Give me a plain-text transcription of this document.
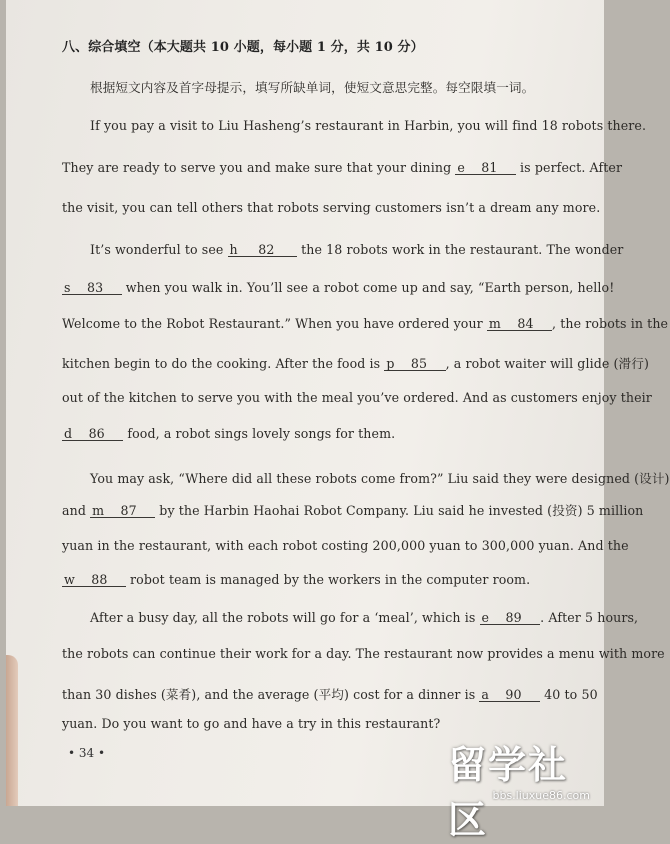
八、综合填空（本大题共 10 小题，每小题 1 分，共 10 分）
根据短文内容及首字母提示，填写所缺单词，使短文意思完整。每空限填一词。
If you pay a visit to Liu Hasheng’s restaurant in Harbin, you will find 18 robots there.
They are ready to serve you and make sure that your dining e    81     is perfect. After
the visit, you can tell others that robots serving customers isn’t a dream any more.
It’s wonderful to see h     82      the 18 robots work in the restaurant. The wonder
s    83     when you walk in. You’ll see a robot come up and say, “Earth person, hello!
Welcome to the Robot Restaurant.” When you have ordered your m    84    , the robots in the
kitchen begin to do the cooking. After the food is p    85    , a robot waiter will glide (滑行)
out of the kitchen to serve you with the meal you’ve ordered. And as customers enjoy their
d    86     food, a robot sings lovely songs for them.
You may ask, “Where did all these robots come from?” Liu said they were designed (设计)
and m    87     by the Harbin Haohai Robot Company. Liu said he invested (投资) 5 million
yuan in the restaurant, with each robot costing 200,000 yuan to 300,000 yuan. And the
w    88     robot team is managed by the workers in the computer room.
After a busy day, all the robots will go for a ‘meal’, which is e    89    . After 5 hours,
the robots can continue their work for a day. The restaurant now provides a menu with more
than 30 dishes (菜肴), and the average (平均) cost for a dinner is a    90     40 to 50
yuan. Do you want to go and have a try in this restaurant?
• 34 •	留学社区
bbs.liuxue86.com
